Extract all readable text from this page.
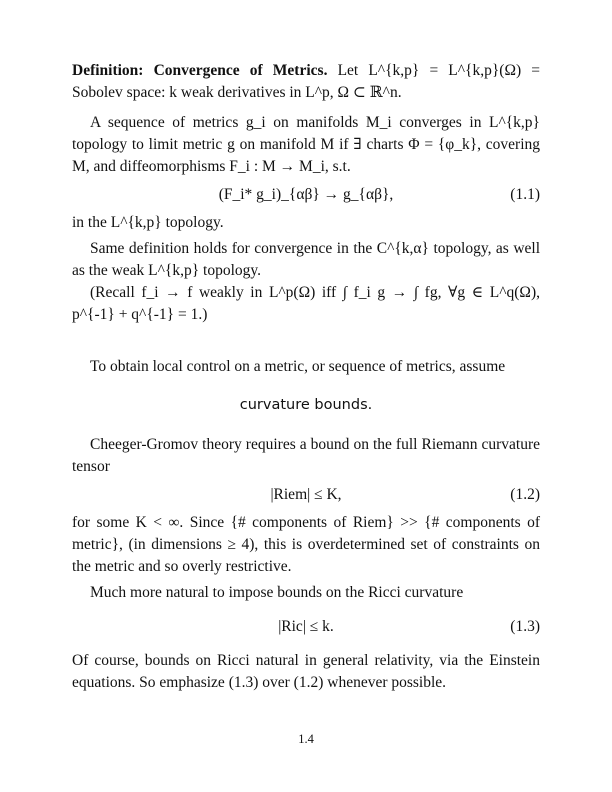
Definition: Convergence of Metrics. Let L^{k,p} = L^{k,p}(Ω) = Sobolev space: k weak derivatives in L^p, Ω ⊂ ℝ^n.

A sequence of metrics g_i on manifolds M_i converges in L^{k,p} topology to limit metric g on manifold M if ∃ charts Φ = {φ_k}, covering M, and diffeomorphisms F_i : M → M_i, s.t.

(F_i* g_i)_{αβ} → g_{αβ},	(1.1)

in the L^{k,p} topology.

Same definition holds for convergence in the C^{k,α} topology, as well as the weak L^{k,p} topology.

(Recall f_i → f weakly in L^p(Ω) iff ∫ f_i g → ∫ fg, ∀g ∈ L^q(Ω), p^{-1} + q^{-1} = 1.)

To obtain local control on a metric, or sequence of metrics, assume

curvature bounds.

Cheeger-Gromov theory requires a bound on the full Riemann curvature tensor

|Riem| ≤ K,	(1.2)

for some K < ∞. Since {# components of Riem} >> {# components of metric}, (in dimensions ≥ 4), this is overdetermined set of constraints on the metric and so overly restrictive.

Much more natural to impose bounds on the Ricci curvature

|Ric| ≤ k.	(1.3)

Of course, bounds on Ricci natural in general relativity, via the Einstein equations. So emphasize (1.3) over (1.2) whenever possible.

1.4
